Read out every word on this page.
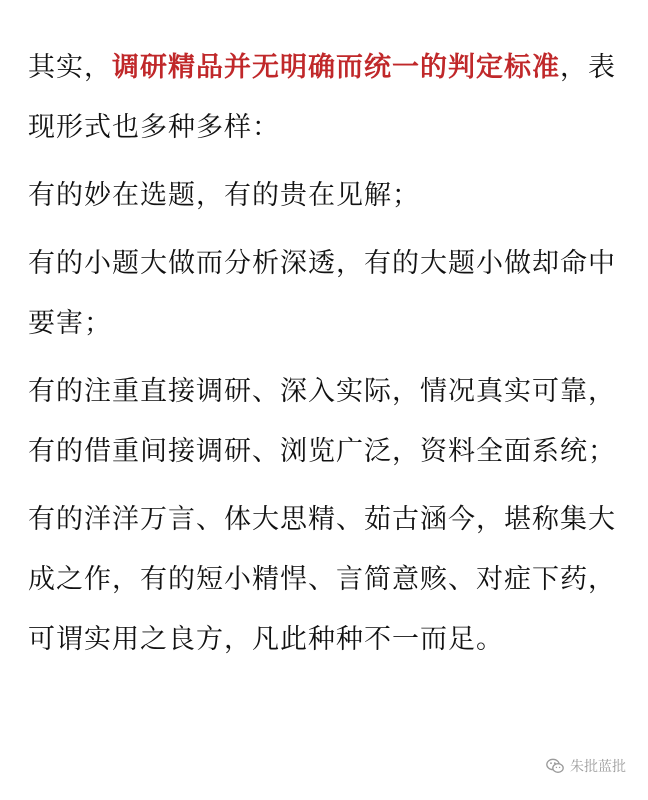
其实，调研精品并无明确而统一的判定标准，表现形式也多种多样：

有的妙在选题，有的贵在见解；

有的小题大做而分析深透，有的大题小做却命中要害；

有的注重直接调研、深入实际，情况真实可靠，有的借重间接调研、浏览广泛，资料全面系统；

有的洋洋万言、体大思精、茹古涵今，堪称集大成之作，有的短小精悍、言简意赅、对症下药，可谓实用之良方，凡此种种不一而足。

朱批蓝批
